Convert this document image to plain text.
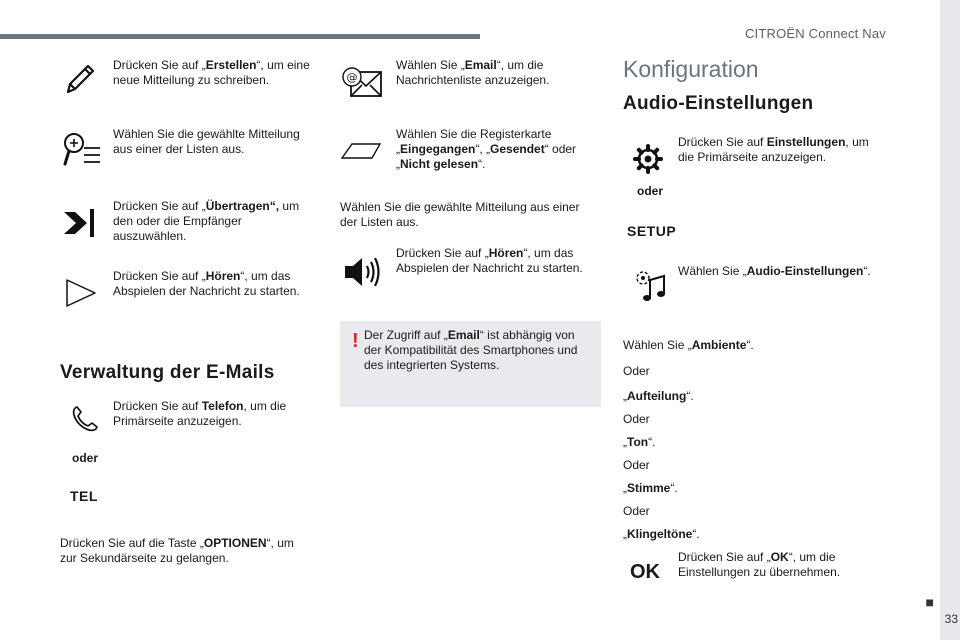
CITROËN Connect Nav
■
33
Drücken Sie auf „Erstellen“, um eine neue Mitteilung zu schreiben.
Wählen Sie die gewählte Mitteilung aus einer der Listen aus.
Drücken Sie auf „Übertragen“, um den oder die Empfänger auszuwählen.
Drücken Sie auf „Hören“, um das Abspielen der Nachricht zu starten.
Verwaltung der E-Mails
oder
TEL
Drücken Sie auf Telefon, um die Primärseite anzuzeigen.
Drücken Sie auf die Taste „OPTIONEN“, um zur Sekundärseite zu gelangen.
@
Wählen Sie „Email“, um die Nachrichtenliste anzuzeigen.
Wählen Sie die Registerkarte „Eingegangen“, „Gesendet“ oder „Nicht gelesen“.
Wählen Sie die gewählte Mitteilung aus einer der Listen aus.
Drücken Sie auf „Hören“, um das Abspielen der Nachricht zu starten.
! Der Zugriff auf „Email“ ist abhängig von der Kompatibilität des Smartphones und des integrierten Systems.
Konfiguration
Audio-Einstellungen
Drücken Sie auf Einstellungen, um die Primärseite anzuzeigen.
oder
SETUP
Wählen Sie „Audio-Einstellungen“.
Wählen Sie „Ambiente“.
Oder
„Aufteilung“.
Oder
„Ton“.
Oder
„Stimme“.
Oder
„Klingeltöne“.
OK
Drücken Sie auf „OK“, um die Einstellungen zu übernehmen.
